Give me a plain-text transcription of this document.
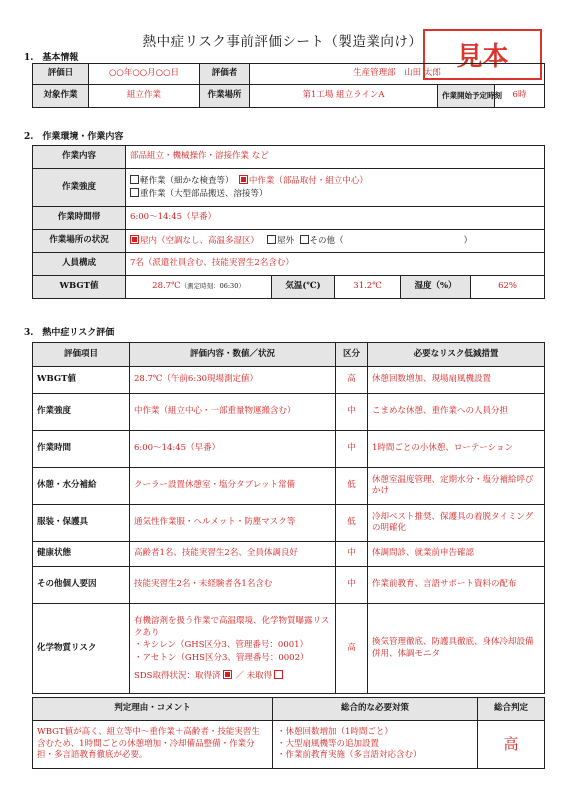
熱中症リスク事前評価シート（製造業向け）	見本
1.　基本情報
評価日	○○年○○月○○日	評価者	生産管理部　山田 太郎		
対象作業	組立作業	作業場所	第1工場 組立ラインA	作業開始予定時刻	6時
2.　作業環境・作業内容
作業内容	部品組立・機械操作・溶接作業 など				
作業強度	軽作業（細かな検査等） 中作業（部品取付・組立中心）
重作業（大型部品搬送、溶接等）				
作業時間帯	6:00～14:45（早番）				
作業場所の状況	屋内（空調なし、高温多湿区） 屋外 その他（ ）				
人員構成	7名（派遣社員含む、技能実習生2名含む）				
WBGT値	28.7℃（測定時刻：06:30）	気温(℃)	31.2℃	湿度（%）	62%
3.　熱中症リスク評価
評価項目	評価内容・数値／状況	区分	必要なリスク低減措置
WBGT値	28.7℃（午前6:30現場測定値）	高	休憩回数増加、現場扇風機設置
作業強度	中作業（組立中心・一部重量物運搬含む）	中	こまめな休憩、重作業への人員分担
作業時間	6:00～14:45（早番）	中	1時間ごとの小休憩、ローテーション
休憩・水分補給	クーラー設置休憩室・塩分タブレット常備	低	休憩室温度管理、定期水分・塩分補給呼びかけ
服装・保護具	通気性作業服・ヘルメット・防塵マスク等	低	冷却ベスト推奨、保護具の着脱タイミングの明確化
健康状態	高齢者1名、技能実習生2名、全員体調良好	中	体調問診、就業前申告確認
その他個人要因	技能実習生2名・未経験者各1名含む	中	作業前教育、言語サポート資料の配布
化学物質リスク	有機溶剤を扱う作業で高温環境、化学物質曝露リスクあり
・キシレン（GHS区分3、管理番号：0001）
・アセトン（GHS区分3、管理番号：0002）
SDS取得状況：取得済 ／ 未取得	高	換気管理徹底、防護具徹底、身体冷却設備併用、体調モニタ
判定理由・コメント	総合的な必要対策	総合判定
WBGT値が高く、組立等中～重作業＋高齢者・技能実習生含むため、1時間ごとの休憩増加・冷却備品整備・作業分担・多言語教育徹底が必要。	・休憩回数増加（1時間ごと）
・大型扇風機等の追加設置
・作業前教育実施（多言語対応含む）	高
